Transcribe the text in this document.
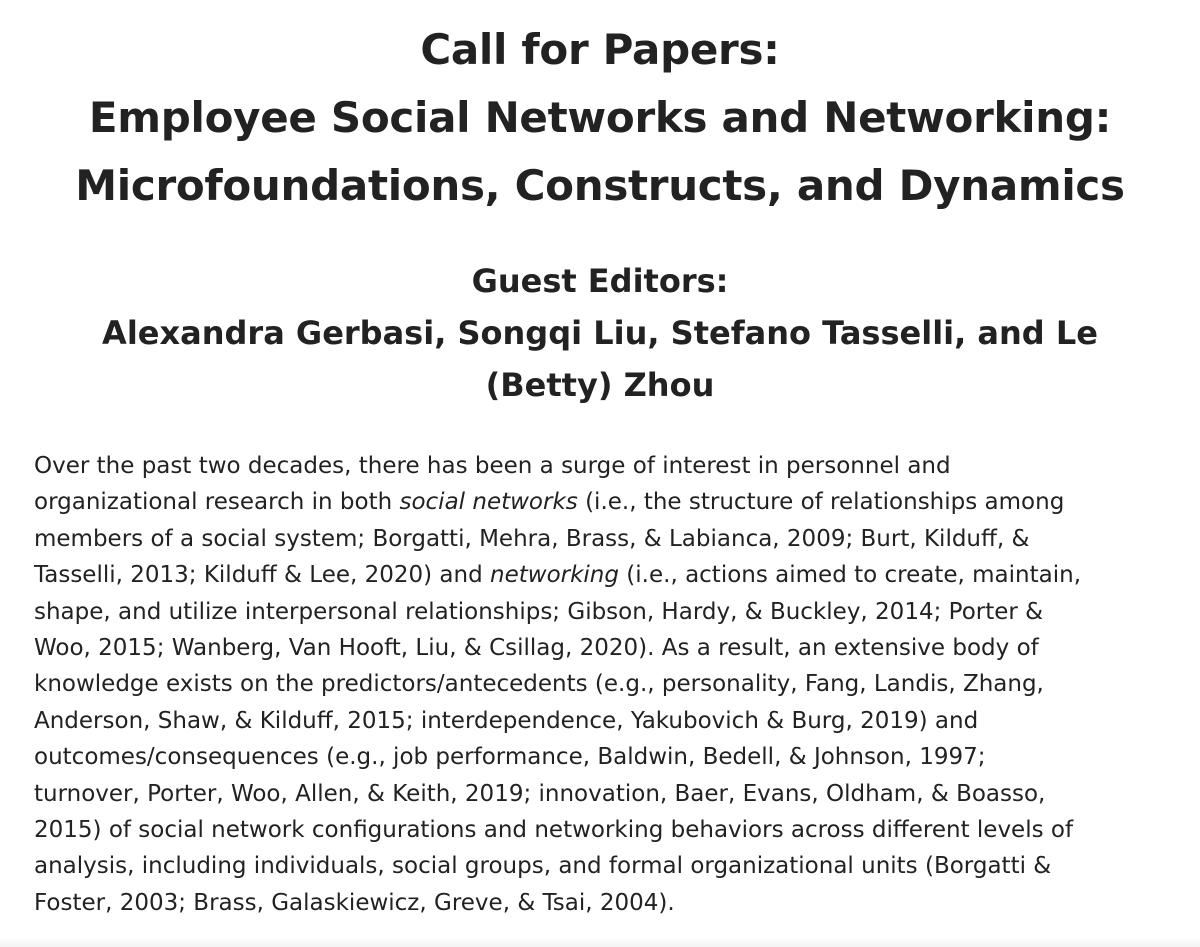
Call for Papers:
Employee Social Networks and Networking:
Microfoundations, Constructs, and Dynamics
Guest Editors:
Alexandra Gerbasi, Songqi Liu, Stefano Tasselli, and Le
(Betty) Zhou

Over the past two decades, there has been a surge of interest in personnel and
organizational research in both social networks (i.e., the structure of relationships among
members of a social system; Borgatti, Mehra, Brass, & Labianca, 2009; Burt, Kilduff, &
Tasselli, 2013; Kilduff & Lee, 2020) and networking (i.e., actions aimed to create, maintain,
shape, and utilize interpersonal relationships; Gibson, Hardy, & Buckley, 2014; Porter &
Woo, 2015; Wanberg, Van Hooft, Liu, & Csillag, 2020). As a result, an extensive body of
knowledge exists on the predictors/antecedents (e.g., personality, Fang, Landis, Zhang,
Anderson, Shaw, & Kilduff, 2015; interdependence, Yakubovich & Burg, 2019) and
outcomes/consequences (e.g., job performance, Baldwin, Bedell, & Johnson, 1997;
turnover, Porter, Woo, Allen, & Keith, 2019; innovation, Baer, Evans, Oldham, & Boasso,
2015) of social network configurations and networking behaviors across different levels of
analysis, including individuals, social groups, and formal organizational units (Borgatti &
Foster, 2003; Brass, Galaskiewicz, Greve, & Tsai, 2004).
